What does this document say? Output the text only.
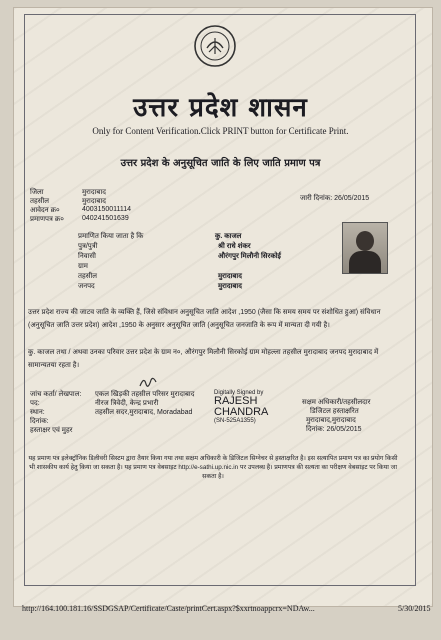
उत्तर प्रदेश शासन
Only for Content Verification.Click PRINT button for Certificate Print.
उत्तर प्रदेश के अनुसूचित जाति के लिए जाति प्रमाण पत्र
जिला	मुरादाबाद
तहसील	मुरादाबाद
आवेदन क्र०	4003150011114
प्रमाणपत्र क्र०	040241501639
जारी दिनांक: 26/05/2015
प्रमाणित किया जाता है कि	कु. काजल
पुत्र/पुत्री	श्री राधे शंकर
निवासी	औरंगपुर मिलौनी सिरकोई
ग्राम
तहसील	मुरादाबाद
जनपद	मुरादाबाद
उत्तर प्रदेश राज्य की जाटव जाति के व्यक्ति हैं, जिसे संविधान अनुसूचित जाति आदेश ,1950 (जैसा कि समय समय पर संशोधित हुआ) संविधान (अनुसूचित जाति उत्तर प्रदेश) आदेश ,1950 के अनुसार अनुसूचित जाति (अनुसूचित जनजाति के रूप में मान्यता दी गयी है।
कु. काजल तथा / अथवा उनका परिवार उत्तर प्रदेश के ग्राम न०, औरंगपुर मिलौनी सिरकोई ग्राम मोहल्ला तहसील मुरादाबाद जनपद मुरादाबाद में सामान्यतया रहता है।
जांच कर्ता/ लेखपाल: एकल खिड़की तहसील परिसर मुरादाबाद
पद:	नीरज त्रिवेदी, केन्द्र प्रभारी
स्थान:	तहसील सदर,मुरादाबाद, Moradabad
दिनांक:
हस्ताक्षर एवं मुहर
Digitally Signed by
RAJESH CHANDRA
(SN-525A1355)
सक्षम अधिकारी/तहसीलदार
डिजिटल हस्ताक्षरित
मुरादाबाद,मुरादाबाद
दिनांक: 26/05/2015
यह प्रमाण पत्र इलेक्ट्रॉनिक डिलीवरी सिस्टम द्वारा तैयार किया गया तथा सक्षम अधिकारी के डिजिटल सिग्नेचर से हस्ताक्षरित है। इस सत्यापित प्रमाण पत्र का प्रयोग किसी भी शासकीय कार्य हेतु किया जा सकता है। यह प्रमाण पत्र वेबसाइट http://e-sathi.up.nic.in पर उपलब्ध है। प्रमाणपत्र की सत्यता का परीक्षण वेबसाइट पर किया जा सकता है।
http://164.100.181.16/SSDGSAP/Certificate/Caste/printCert.aspx?$xxrtnoappcrx=NDAw...	5/30/2015
